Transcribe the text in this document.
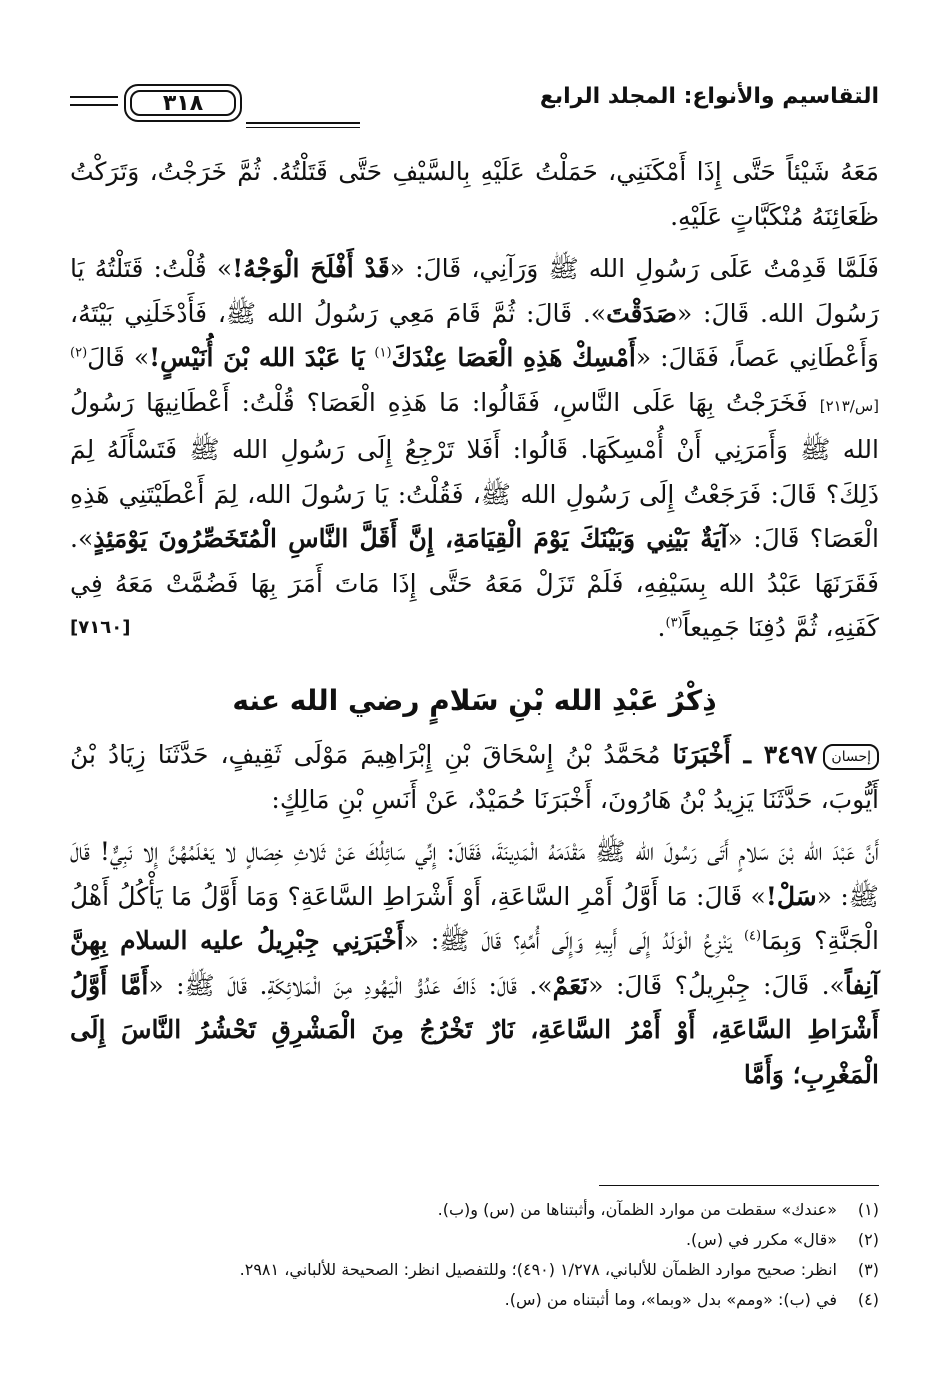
التقاسيم والأنواع: المجلد الرابع
٣١٨

مَعَهُ شَيْئاً حَتَّى إِذَا أَمْكَنَنِي، حَمَلْتُ عَلَيْهِ بِالسَّيْفِ حَتَّى قَتَلْتُهُ. ثُمَّ خَرَجْتُ، وَتَرَكْتُ ظَعَائِنَهُ مُنْكَبَّاتٍ عَلَيْهِ.

فَلَمَّا قَدِمْتُ عَلَى رَسُولِ الله ﷺ وَرَآنِي، قَالَ: «قَدْ أَفْلَحَ الْوَجْهُ!» قُلْتُ: قَتَلْتُهُ يَا رَسُولَ الله. قَالَ: «صَدَقْتَ». قَالَ: ثُمَّ قَامَ مَعِي رَسُولُ الله ﷺ، فَأَدْخَلَنِي بَيْتَهُ، وَأَعْطَانِي عَصاً، فَقَالَ: «أَمْسِكْ هَذِهِ الْعَصَا عِنْدَكَ$^{(١)}$ يَا عَبْدَ الله بْنَ أُنَيْسٍ!» قَالَ$^{(٢)}$[س/٢١٣] فَخَرَجْتُ بِهَا عَلَى النَّاسِ، فَقَالُوا: مَا هَذِهِ الْعَصَا؟ قُلْتُ: أَعْطَانِيهَا رَسُولُ الله ﷺ وَأَمَرَنِي أَنْ أُمْسِكَهَا. قَالُوا: أَفَلا تَرْجِعُ إِلَى رَسُولِ الله ﷺ فَتَسْأَلَهُ لِمَ ذَلِكَ؟ قَالَ: فَرَجَعْتُ إِلَى رَسُولِ الله ﷺ، فَقُلْتُ: يَا رَسُولَ الله، لِمَ أَعْطَيْتَنِي هَذِهِ الْعَصَا؟ قَالَ: «آيَةٌ بَيْنِي وَبَيْنَكَ يَوْمَ الْقِيَامَةِ، إِنَّ أَقَلَّ النَّاسِ الْمُتَخَصِّرُونَ يَوْمَئِذٍ». فَقَرَنَهَا عَبْدُ الله بِسَيْفِهِ، فَلَمْ تَزَلْ مَعَهُ حَتَّى إِذَا مَاتَ أَمَرَ بِهَا فَضُمَّتْ مَعَهُ فِي كَفَنِهِ، ثُمَّ دُفِنَا جَمِيعاً$^{(٣)}$.
[٧١٦٠]

ذِكْرُ عَبْدِ الله بْنِ سَلامٍ رضي الله عنه

إحسان٣٤٩٧ ـ أَخْبَرَنَا مُحَمَّدُ بْنُ إِسْحَاقَ بْنِ إِبْرَاهِيمَ مَوْلَى ثَقِيفٍ، حَدَّثَنَا زِيَادُ بْنُ أَيُّوبَ، حَدَّثَنَا يَزِيدُ بْنُ هَارُونَ، أَخْبَرَنَا حُمَيْدٌ، عَنْ أَنَسِ بْنِ مَالِكٍ:

أَنَّ عَبْدَ الله بْنَ سَلامٍ أَتَى رَسُولَ الله ﷺ مَقْدَمَهُ الْمَدِينَةَ، فَقَالَ: إِنِّي سَائِلُكَ عَنْ ثَلاثِ خِصَالٍ لا يَعْلَمُهُنَّ إِلا نَبِيٌّ! قَالَ ﷺ: «سَلْ!» قَالَ: مَا أَوَّلُ أَمْرِ السَّاعَةِ، أَوْ أَشْرَاطِ السَّاعَةِ؟ وَمَا أَوَّلُ مَا يَأْكُلُ أَهْلُ الْجَنَّةِ؟ وَبِمَا$^{(٤)}$ يَنْزِعُ الْوَلَدُ إِلَى أَبِيهِ وَإِلَى أُمِّهِ؟ قَالَ ﷺ: «أَخْبَرَنِي جِبْرِيلُ عليه السلام بِهِنَّ آنِفاً». قَالَ: جِبْرِيلُ؟ قَالَ: «نَعَمْ». قَالَ: ذَاكَ عَدُوُّ الْيَهُودِ مِنَ الْمَلائِكَةِ. قَالَ ﷺ: «أَمَّا أَوَّلُ أَشْرَاطِ السَّاعَةِ، أَوْ أَمْرُ السَّاعَةِ، نَارٌ تَخْرُجُ مِنَ الْمَشْرِقِ تَحْشُرُ النَّاسَ إِلَى الْمَغْرِبِ؛ وَأَمَّا

(١)«عندك» سقطت من موارد الظمآن، وأثبتناها من (س) و(ب).
(٢)«قال» مكرر في (س).
(٣)انظر: صحيح موارد الظمآن للألباني، ١/٢٧٨ (٤٩٠)؛ وللتفصيل انظر: الصحيحة للألباني، ٢٩٨١.
(٤)في (ب): «ومم» بدل «وبما»، وما أثبتناه من (س).
